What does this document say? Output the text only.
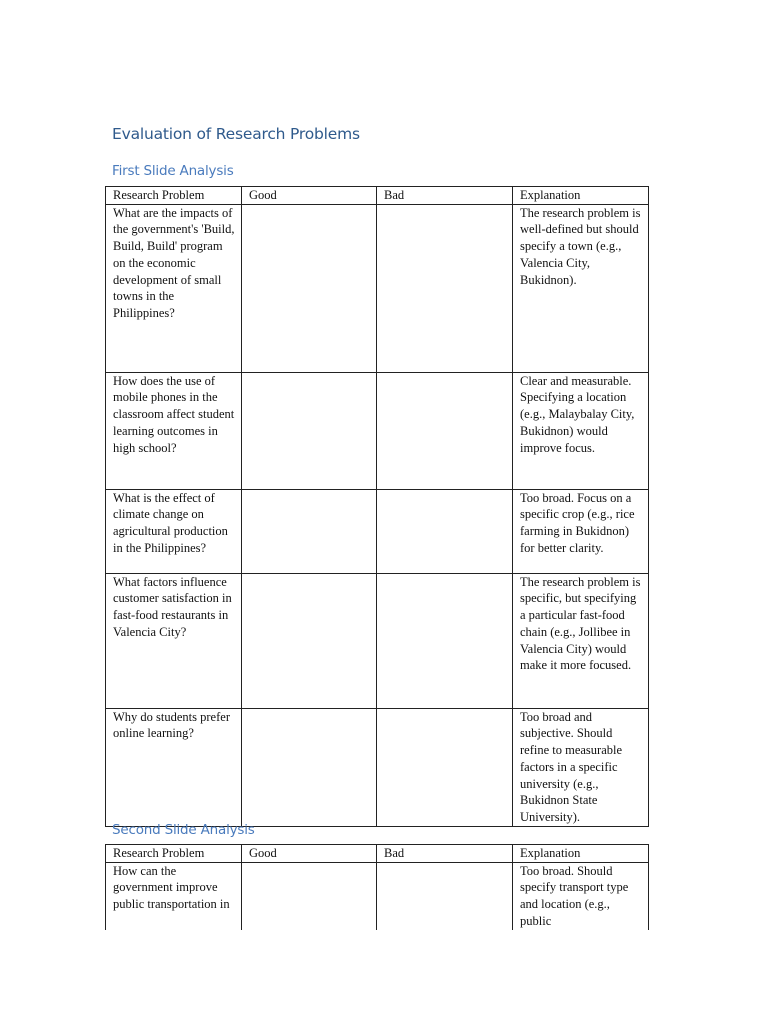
Evaluation of Research Problems
First Slide Analysis
Research Problem	Good	Bad	Explanation
What are the impacts of the government's 'Build, Build, Build' program on the economic development of small towns in the Philippines?			The research problem is well-defined but should specify a town (e.g., Valencia City, Bukidnon).
How does the use of mobile phones in the classroom affect student learning outcomes in high school?			Clear and measurable. Specifying a location (e.g., Malaybalay City, Bukidnon) would improve focus.
What is the effect of climate change on agricultural production in the Philippines?			Too broad. Focus on a specific crop (e.g., rice farming in Bukidnon) for better clarity.
What factors influence customer satisfaction in fast-food restaurants in Valencia City?			The research problem is specific, but specifying a particular fast-food chain (e.g., Jollibee in Valencia City) would make it more focused.
Why do students prefer online learning?			Too broad and subjective. Should refine to measurable factors in a specific university (e.g., Bukidnon State University).
Second Slide Analysis
Research Problem	Good	Bad	Explanation
How can the government improve public transportation in			Too broad. Should specify transport type and location (e.g., public
